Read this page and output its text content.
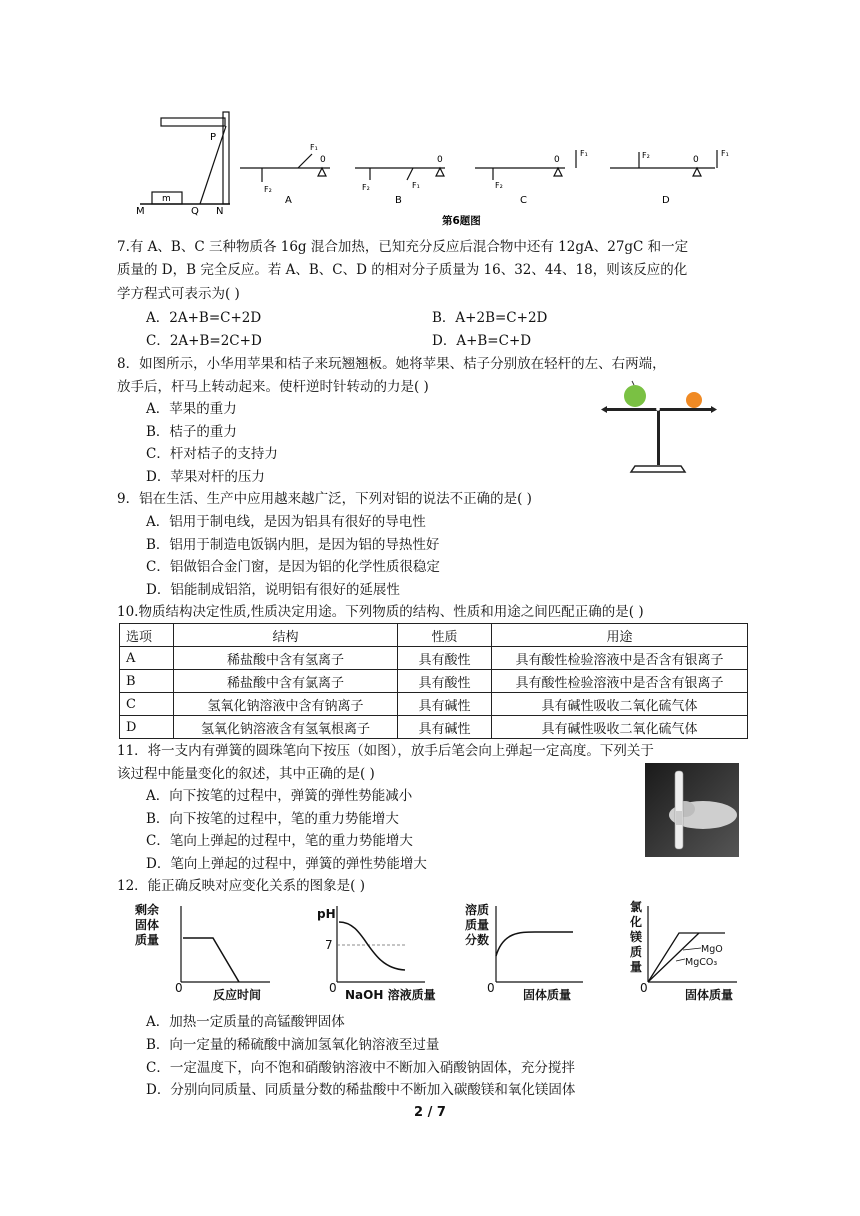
P
M
m
Q N
0
F₁
F₂
A
0
F₂	F₁
B
0
F₂
F₁
C
0
F₂	F₁
D
第6题图
7.有 A、B、C 三种物质各 16g 混合加热，已知充分反应后混合物中还有 12gA、27gC 和一定
质量的 D，B 完全反应。若 A、B、C、D 的相对分子质量为 16、32、44、18，则该反应的化
学方程式可表示为( )
A．2A+B=C+2D	B．A+2B=C+2D
C．2A+B=2C+D	D．A+B=C+D
8．如图所示，小华用苹果和桔子来玩翘翘板。她将苹果、桔子分别放在轻杆的左、右两端，
放手后，杆马上转动起来。使杆逆时针转动的力是( )
A．苹果的重力
B．桔子的重力
C．杆对桔子的支持力
D．苹果对杆的压力
9．铝在生活、生产中应用越来越广泛，下列对铝的说法不正确的是( )
A．铝用于制电线，是因为铝具有很好的导电性
B．铝用于制造电饭锅内胆，是因为铝的导热性好
C．铝做铝合金门窗，是因为铝的化学性质很稳定
D．铝能制成铝箔，说明铝有很好的延展性
10.物质结构决定性质,性质决定用途。下列物质的结构、性质和用途之间匹配正确的是( )
选项	结构	性质	用途
A	稀盐酸中含有氢离子	具有酸性	具有酸性检验溶液中是否含有银离子
B	稀盐酸中含有氯离子	具有酸性	具有酸性检验溶液中是否含有银离子
C	氢氧化钠溶液中含有钠离子	具有碱性	具有碱性吸收二氧化硫气体
D	氢氧化钠溶液含有氢氧根离子	具有碱性	具有碱性吸收二氧化硫气体
11．将一支内有弹簧的圆珠笔向下按压（如图），放手后笔会向上弹起一定高度。下列关于
该过程中能量变化的叙述，其中正确的是( )
A．向下按笔的过程中，弹簧的弹性势能减小
B．向下按笔的过程中，笔的重力势能增大
C．笔向上弹起的过程中，笔的重力势能增大
D．笔向上弹起的过程中，弹簧的弹性势能增大
12．能正确反映对应变化关系的图象是( )
剩余
固体
质量
0	反应时间
pH
7
0 NaOH 溶液质量
溶质
质量
分数
0 固体质量
氯
化
镁
质
量
MgO
MgCO₃
0	固体质量
A．加热一定质量的高锰酸钾固体
B．向一定量的稀硫酸中滴加氢氧化钠溶液至过量
C．一定温度下，向不饱和硝酸钠溶液中不断加入硝酸钠固体，充分搅拌
D．分别向同质量、同质量分数的稀盐酸中不断加入碳酸镁和氧化镁固体
2 / 7
